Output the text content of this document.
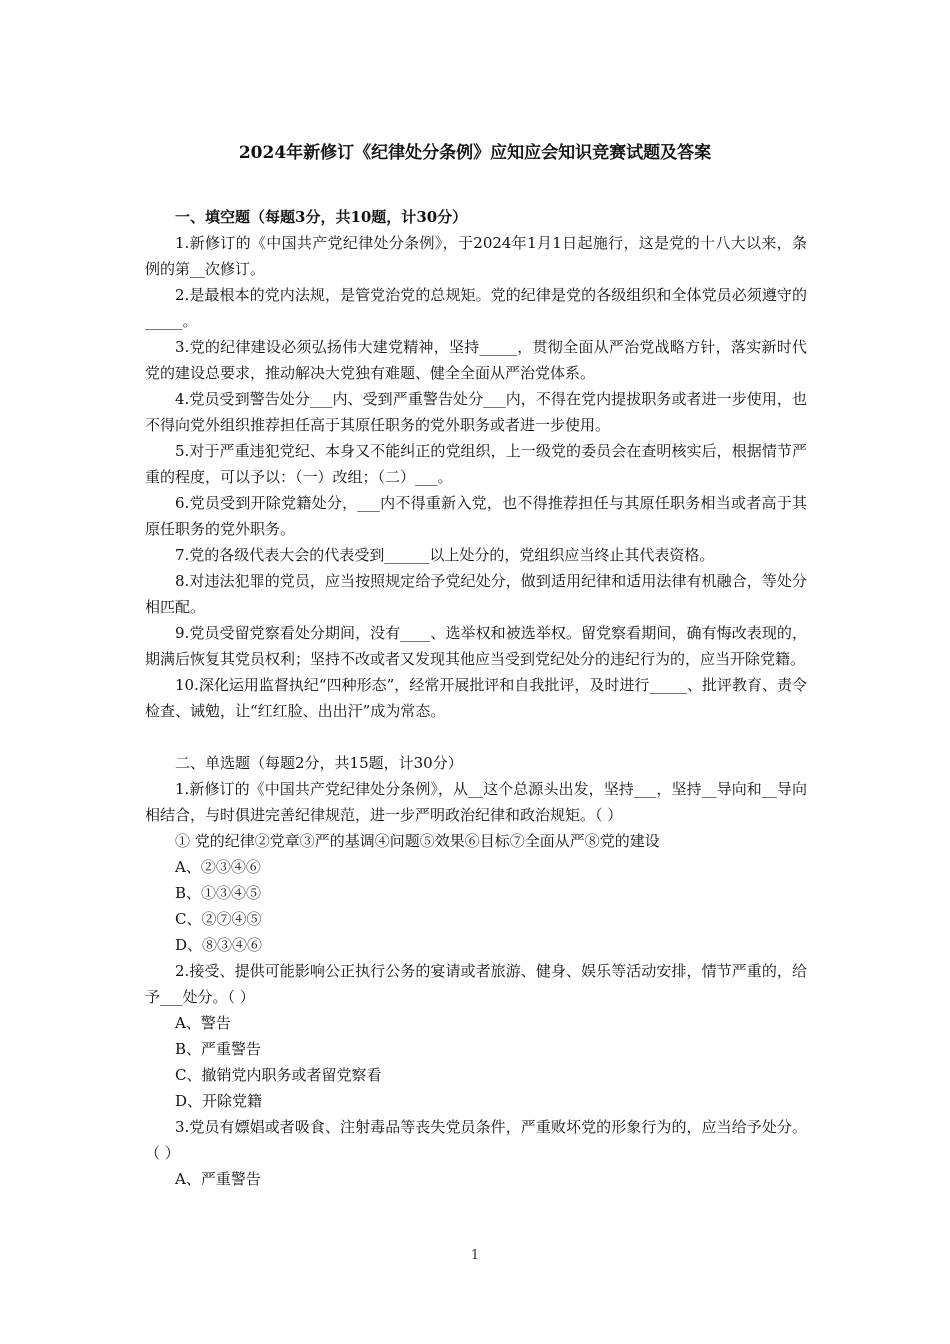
2024年新修订《纪律处分条例》应知应会知识竞赛试题及答案

一、填空题（每题3分，共10题，计30分）

1.新修订的《中国共产党纪律处分条例》，于2024年1月1日起施行，这是党的十八大以来，条例的第__次修订。

2.是最根本的党内法规，是管党治党的总规矩。党的纪律是党的各级组织和全体党员必须遵守的_____。

3.党的纪律建设必须弘扬伟大建党精神，坚持_____，贯彻全面从严治党战略方针，落实新时代党的建设总要求，推动解决大党独有难题、健全全面从严治党体系。

4.党员受到警告处分___内、受到严重警告处分___内，不得在党内提拔职务或者进一步使用，也不得向党外组织推荐担任高于其原任职务的党外职务或者进一步使用。

5.对于严重违犯党纪、本身又不能纠正的党组织，上一级党的委员会在查明核实后，根据情节严重的程度，可以予以：（一）改组；（二）___。

6.党员受到开除党籍处分，___内不得重新入党，也不得推荐担任与其原任职务相当或者高于其原任职务的党外职务。

7.党的各级代表大会的代表受到______以上处分的，党组织应当终止其代表资格。

8.对违法犯罪的党员，应当按照规定给予党纪处分，做到适用纪律和适用法律有机融合，等处分相匹配。

9.党员受留党察看处分期间，没有____、选举权和被选举权。留党察看期间，确有悔改表现的，期满后恢复其党员权利；坚持不改或者又发现其他应当受到党纪处分的违纪行为的，应当开除党籍。

10.深化运用监督执纪“四种形态”，经常开展批评和自我批评，及时进行_____、批评教育、责令检查、诫勉，让“红红脸、出出汗”成为常态。

二、单选题（每题2分，共15题，计30分）

1.新修订的《中国共产党纪律处分条例》，从__这个总源头出发，坚持___，坚持__导向和__导向相结合，与时俱进完善纪律规范，进一步严明政治纪律和政治规矩。（ ）

① 党的纪律②党章③严的基调④问题⑤效果⑥目标⑦全面从严⑧党的建设

A、②③④⑥

B、①③④⑤

C、②⑦④⑤

D、⑧③④⑥

2.接受、提供可能影响公正执行公务的宴请或者旅游、健身、娱乐等活动安排，情节严重的，给予___处分。（ ）

A、警告

B、严重警告

C、撤销党内职务或者留党察看

D、开除党籍

3.党员有嫖娼或者吸食、注射毒品等丧失党员条件，严重败坏党的形象行为的，应当给予处分。（ ）

A、严重警告

1
